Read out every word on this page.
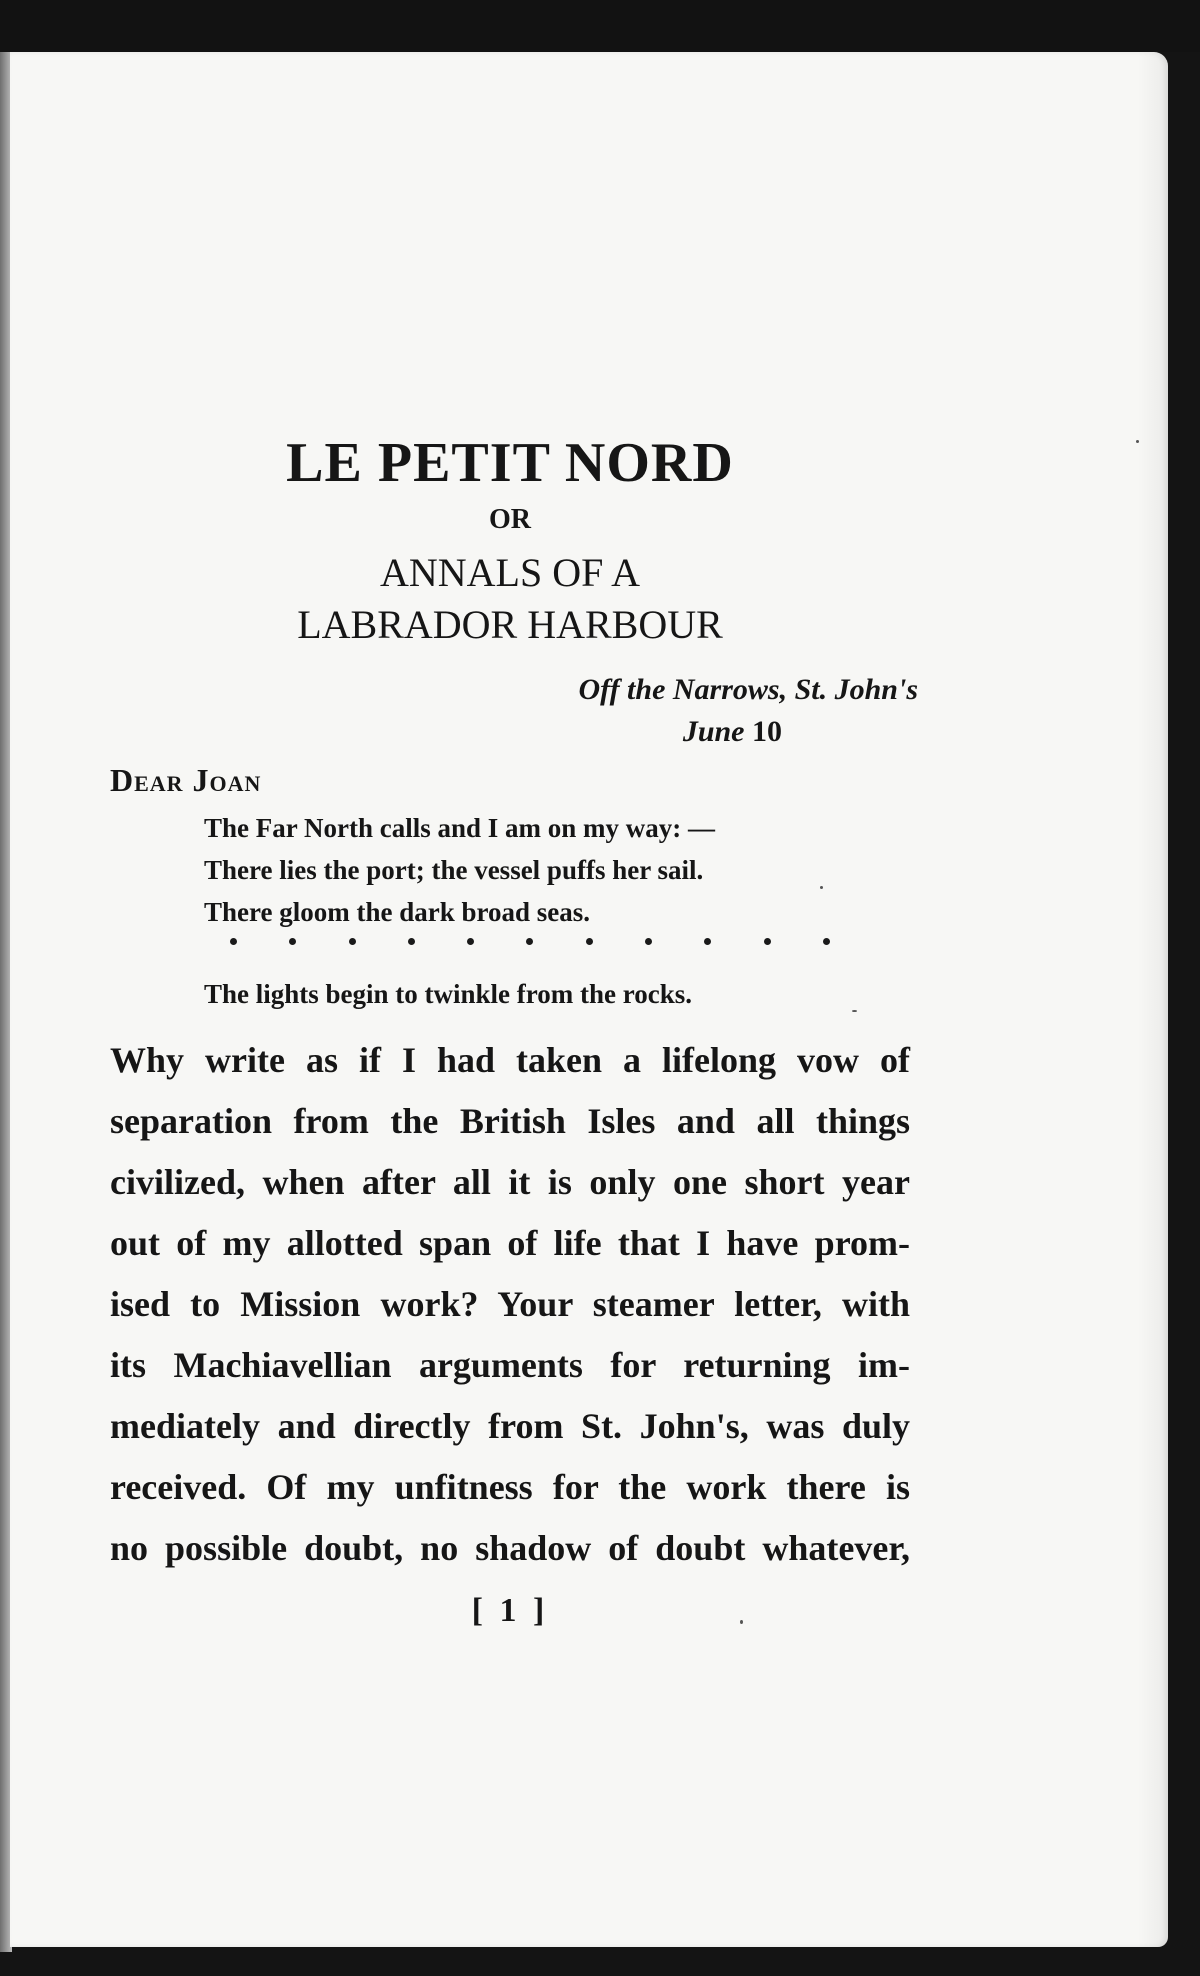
LE PETIT NORD
OR
ANNALS OF A
LABRADOR HARBOUR
Off the Narrows, St. John's
June 10
Dear Joan
The Far North calls and I am on my way: —
There lies the port; the vessel puffs her sail.
There gloom the dark broad seas.
The lights begin to twinkle from the rocks.
Why write as if I had taken a lifelong vow of
separation from the British Isles and all things
civilized, when after all it is only one short year
out of my allotted span of life that I have prom-
ised to Mission work? Your steamer letter, with
its Machiavellian arguments for returning im-
mediately and directly from St. John's, was duly
received. Of my unfitness for the work there is
no possible doubt, no shadow of doubt whatever,
[ 1 ]
